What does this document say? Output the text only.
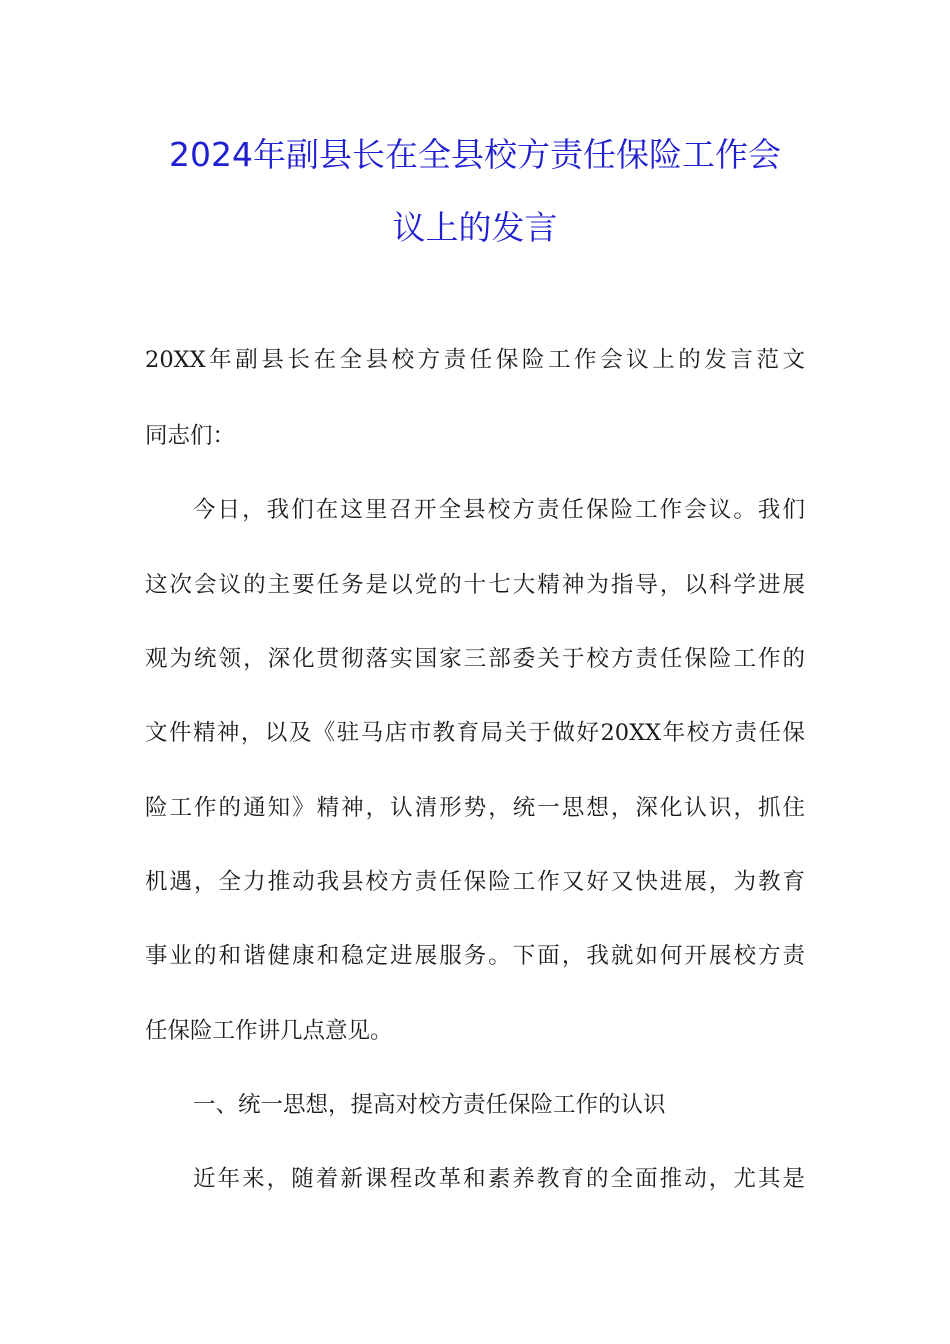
2024年副县长在全县校方责任保险工作会
议上的发言
20XX年副县长在全县校方责任保险工作会议上的发言范文
同志们：
今日，我们在这里召开全县校方责任保险工作会议。我们
这次会议的主要任务是以党的十七大精神为指导，以科学进展
观为统领，深化贯彻落实国家三部委关于校方责任保险工作的
文件精神，以及《驻马店市教育局关于做好20XX年校方责任保
险工作的通知》精神，认清形势，统一思想，深化认识，抓住
机遇，全力推动我县校方责任保险工作又好又快进展，为教育
事业的和谐健康和稳定进展服务。下面，我就如何开展校方责
任保险工作讲几点意见。
一、统一思想，提高对校方责任保险工作的认识
近年来，随着新课程改革和素养教育的全面推动，尤其是
